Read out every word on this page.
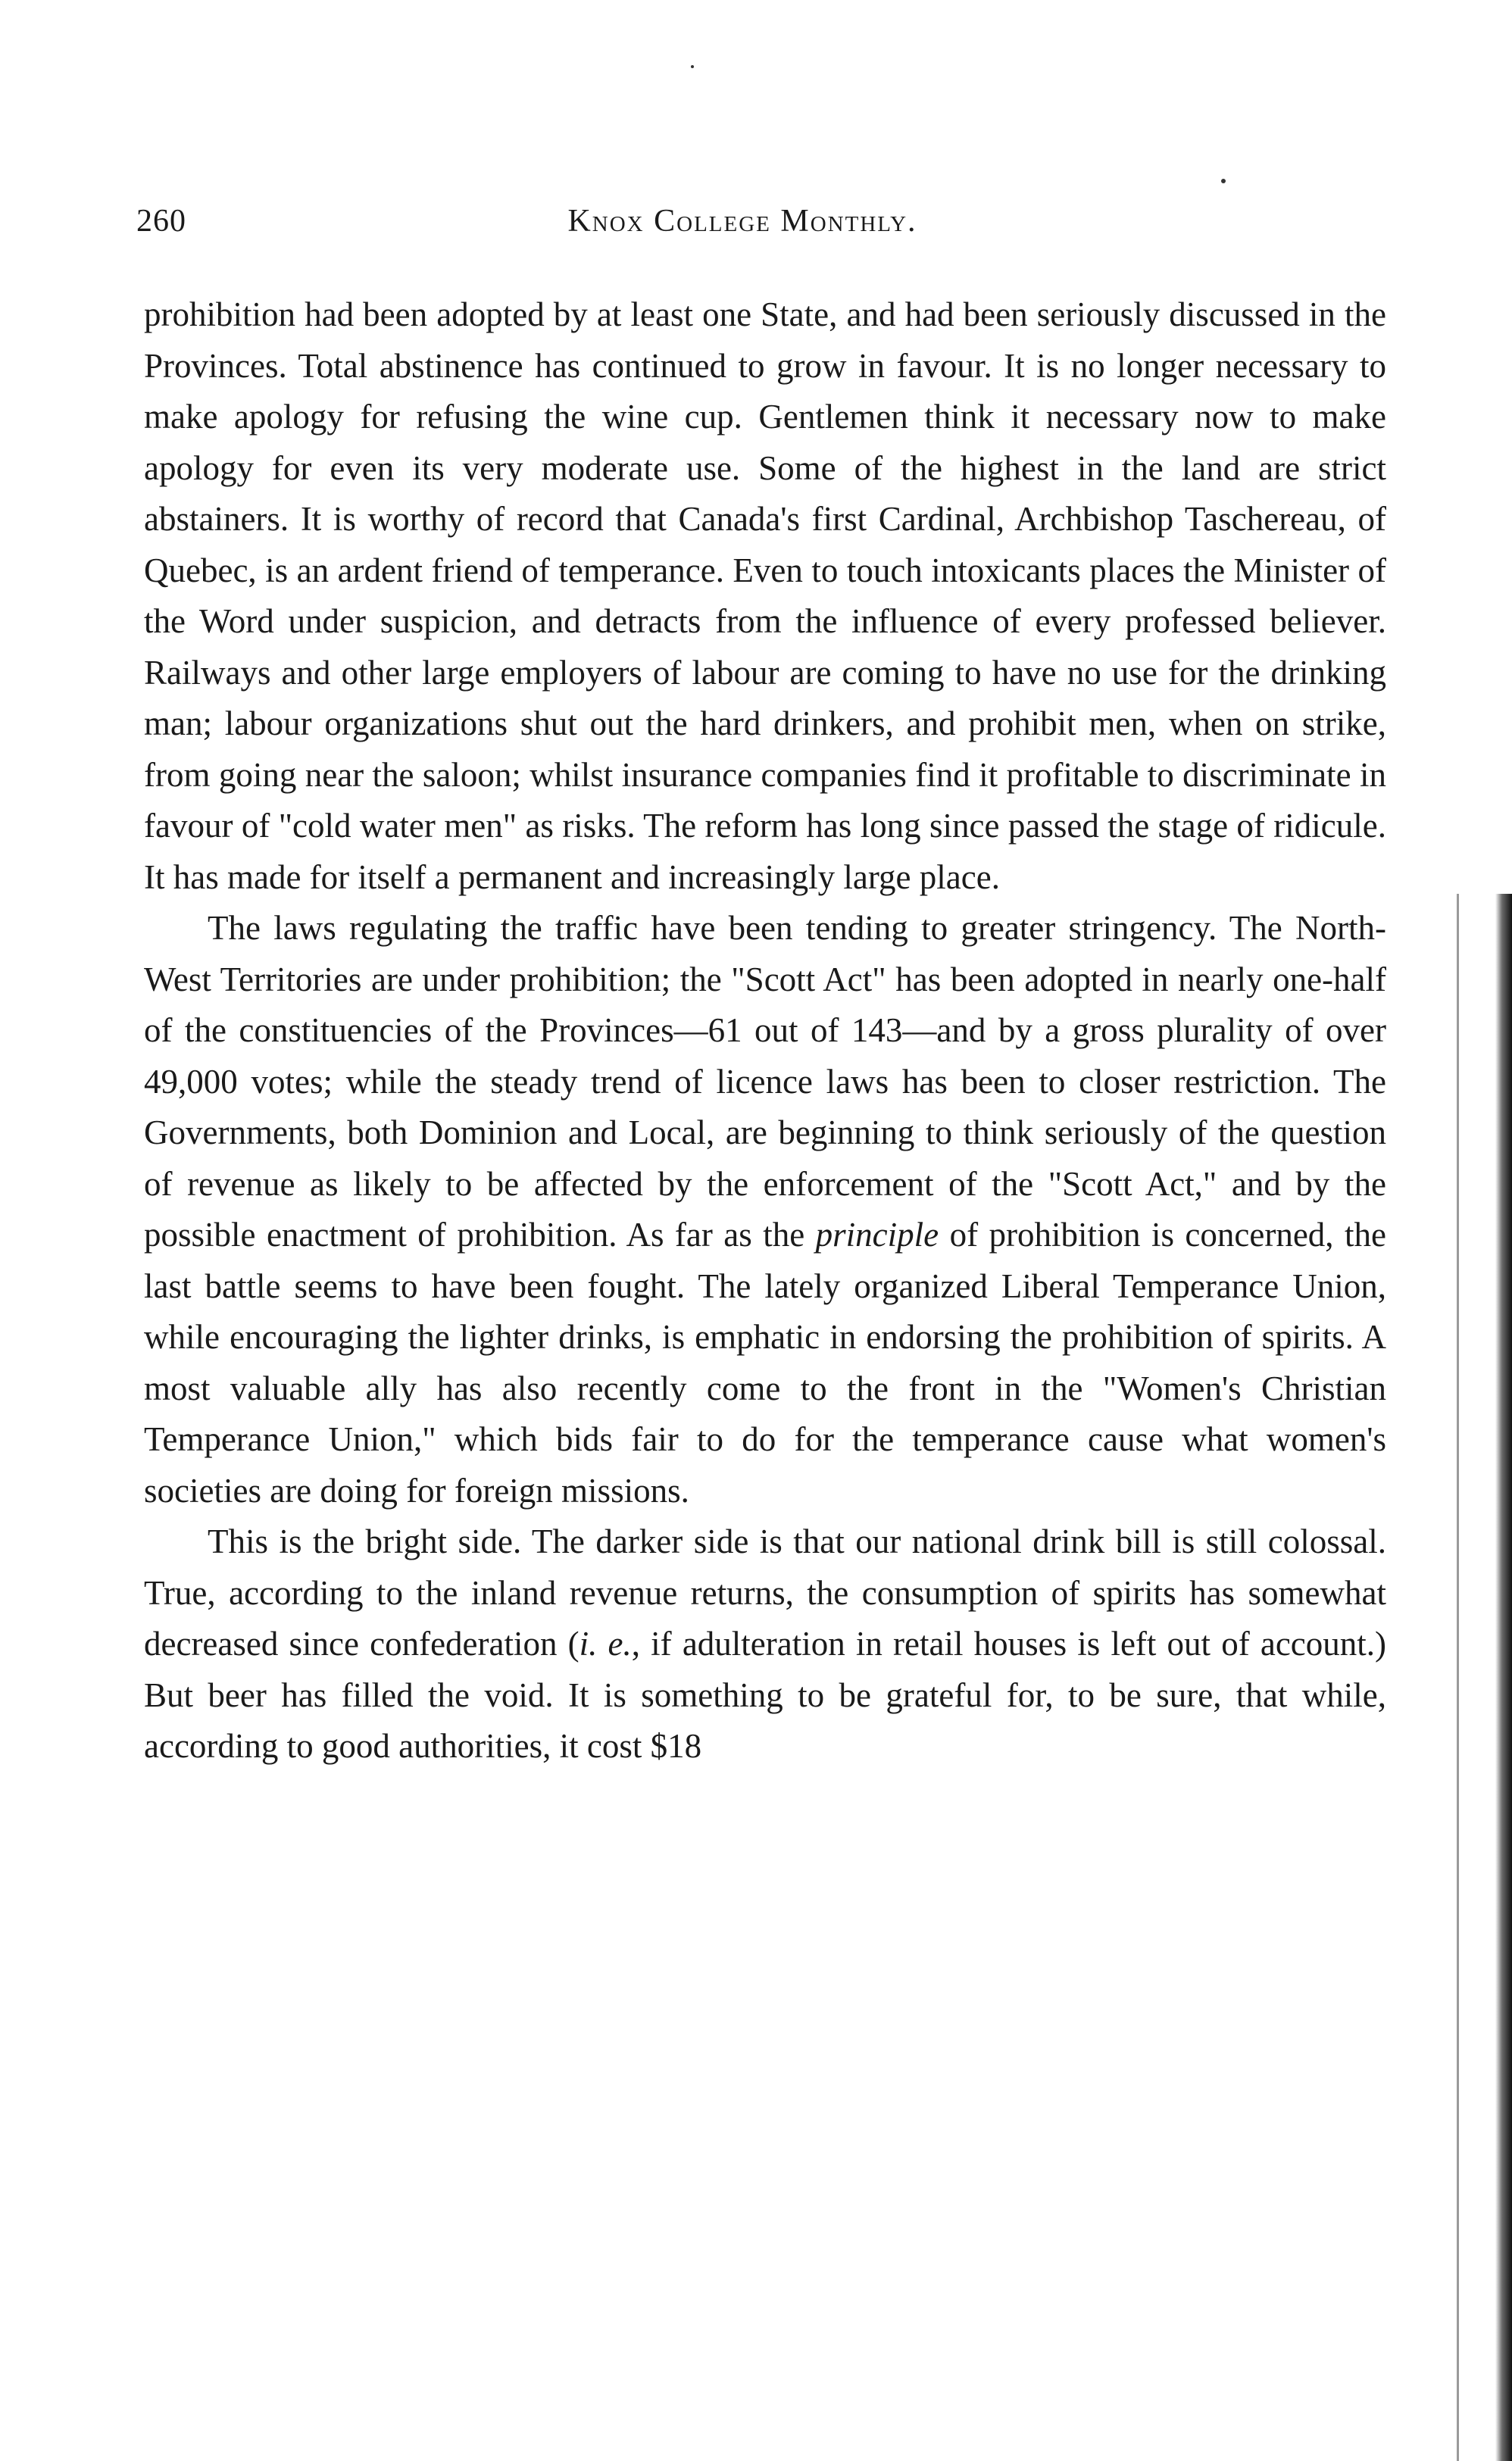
260	Knox College Monthly.

prohibition had been adopted by at least one State, and had been seriously discussed in the Provinces. Total abstinence has continued to grow in favour. It is no longer necessary to make apology for refusing the wine cup. Gentlemen think it necessary now to make apology for even its very moderate use. Some of the highest in the land are strict abstainers. It is worthy of record that Canada's first Cardinal, Archbishop Taschereau, of Quebec, is an ardent friend of temperance. Even to touch intoxicants places the Minister of the Word under suspicion, and detracts from the influence of every professed believer. Railways and other large employers of labour are coming to have no use for the drinking man; labour organizations shut out the hard drinkers, and prohibit men, when on strike, from going near the saloon; whilst insurance companies find it profitable to discriminate in favour of "cold water men" as risks. The reform has long since passed the stage of ridicule. It has made for itself a permanent and increasingly large place.

The laws regulating the traffic have been tending to greater stringency. The North-West Territories are under prohibition; the "Scott Act" has been adopted in nearly one-half of the constituencies of the Provinces—61 out of 143—and by a gross plurality of over 49,000 votes; while the steady trend of licence laws has been to closer restriction. The Governments, both Dominion and Local, are beginning to think seriously of the question of revenue as likely to be affected by the enforcement of the "Scott Act," and by the possible enactment of prohibition. As far as the principle of prohibition is concerned, the last battle seems to have been fought. The lately organized Liberal Temperance Union, while encouraging the lighter drinks, is emphatic in endorsing the prohibition of spirits. A most valuable ally has also recently come to the front in the "Women's Christian Temperance Union," which bids fair to do for the temperance cause what women's societies are doing for foreign missions.

This is the bright side. The darker side is that our national drink bill is still colossal. True, according to the inland revenue returns, the consumption of spirits has somewhat decreased since confederation (i. e., if adulteration in retail houses is left out of account.) But beer has filled the void. It is something to be grateful for, to be sure, that while, according to good authorities, it cost $18
